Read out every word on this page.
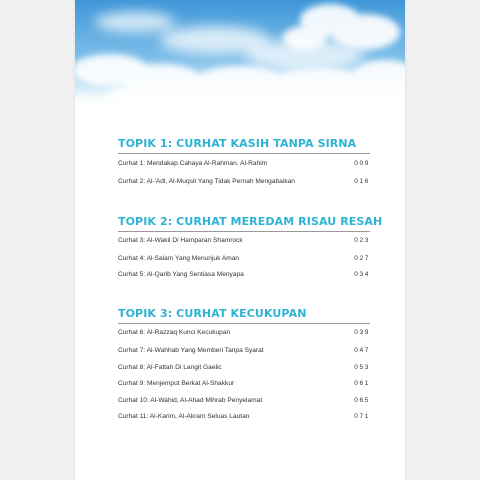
TOPIK 1: CURHAT KASIH TANPA SIRNA
Curhat 1: Mendakap Cahaya Al-Rahman, Al-Rahim	009
Curhat 2: Al-'Adl, Al-Muqsit Yang Tidak Pernah Mengabaikan	016
TOPIK 2: CURHAT MEREDAM RISAU RESAH
Curhat 3: Al-Wakil Di Hamparan Shamrock	023
Curhat 4: Al-Salam Yang Menunjuk Aman	027
Curhat 5: Al-Qarib Yang Sentiasa Menyapa	034
TOPIK 3: CURHAT KECUKUPAN
Curhat 6: Al-Razzaq Kunci Kecukupan	039
Curhat 7: Al-Wahhab Yang Memberi Tanpa Syarat	047
Curhat 8: Al-Fattah Di Langit Gaelic	053
Curhat 9: Menjemput Berkat Al-Shakkur	061
Curhat 10: Al-Wahid, Al-Ahad Mihrab Penyelamat	065
Curhat 11: Al-Karim, Al-Akram Seluas Lautan	071
